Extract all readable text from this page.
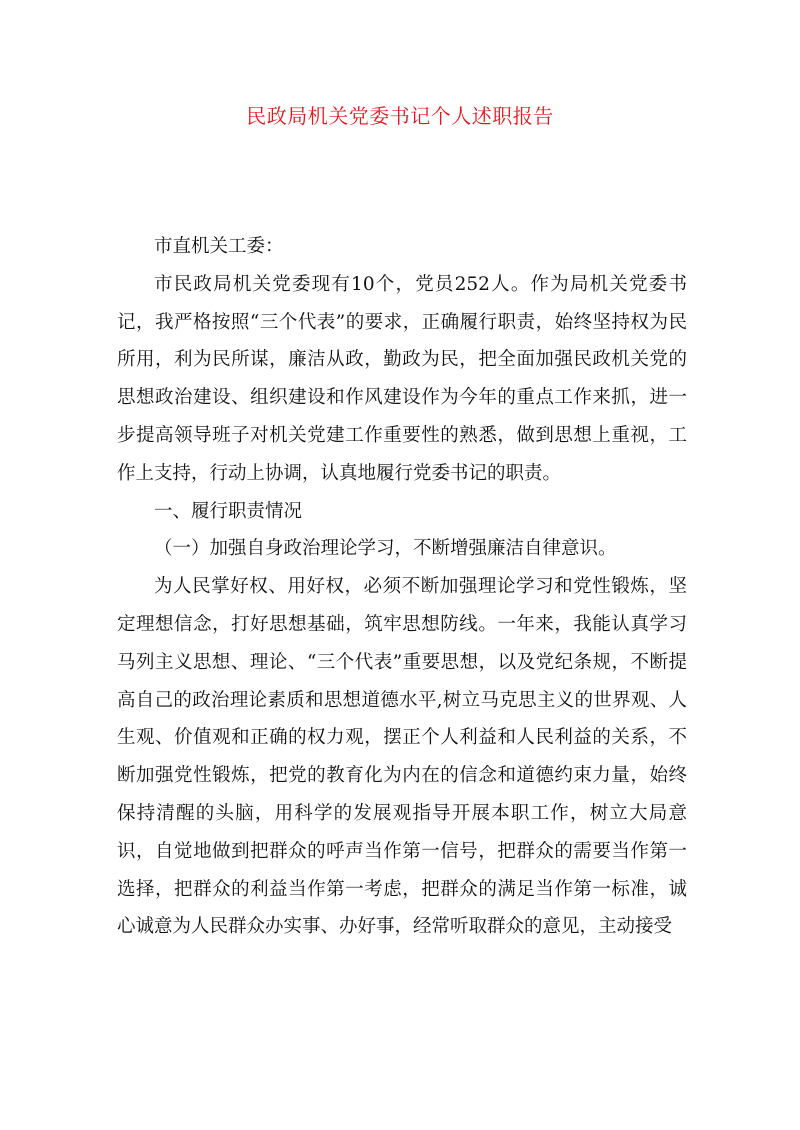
民政局机关党委书记个人述职报告

市直机关工委：

市民政局机关党委现有10个，党员252人。作为局机关党委书记，我严格按照“三个代表”的要求，正确履行职责，始终坚持权为民所用，利为民所谋，廉洁从政，勤政为民，把全面加强民政机关党的思想政治建设、组织建设和作风建设作为今年的重点工作来抓，进一步提高领导班子对机关党建工作重要性的熟悉，做到思想上重视，工作上支持，行动上协调，认真地履行党委书记的职责。

一、履行职责情况

（一）加强自身政治理论学习，不断增强廉洁自律意识。

为人民掌好权、用好权，必须不断加强理论学习和党性锻炼，坚定理想信念，打好思想基础，筑牢思想防线。一年来，我能认真学习马列主义思想、理论、“三个代表”重要思想，以及党纪条规，不断提高自己的政治理论素质和思想道德水平,树立马克思主义的世界观、人生观、价值观和正确的权力观，摆正个人利益和人民利益的关系，不断加强党性锻炼，把党的教育化为内在的信念和道德约束力量，始终保持清醒的头脑，用科学的发展观指导开展本职工作，树立大局意识，自觉地做到把群众的呼声当作第一信号，把群众的需要当作第一选择，把群众的利益当作第一考虑，把群众的满足当作第一标准，诚心诚意为人民群众办实事、办好事，经常听取群众的意见，主动接受
